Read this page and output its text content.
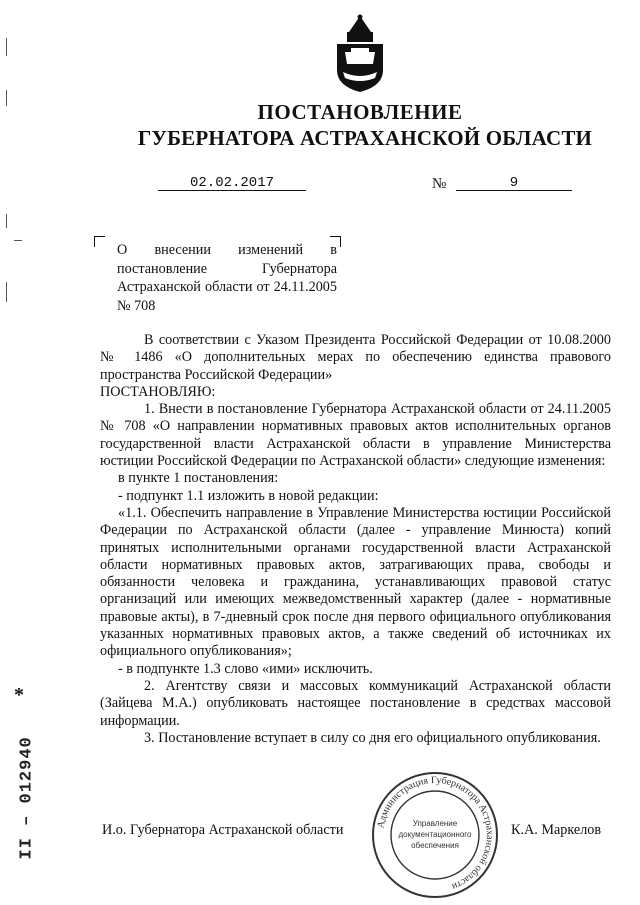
ПОСТАНОВЛЕНИЕ
ГУБЕРНАТОРА АСТРАХАНСКОЙ ОБЛАСТИ
02.02.2017	№	9
О внесении изменений в постановление Губернатора Астраханской области от 24.11.2005 № 708

В соответствии с Указом Президента Российской Федерации от 10.08.2000 № 1486 «О дополнительных мерах по обеспечению единства правового пространства Российской Федерации»

ПОСТАНОВЛЯЮ:

1. Внести в постановление Губернатора Астраханской области от 24.11.2005 № 708 «О направлении нормативных правовых актов исполнительных органов государственной власти Астраханской области в управление Министерства юстиции Российской Федерации по Астраханской области» следующие изменения:

в пункте 1 постановления:

- подпункт 1.1 изложить в новой редакции:

«1.1. Обеспечить направление в Управление Министерства юстиции Российской Федерации по Астраханской области (далее - управление Минюста) копий принятых исполнительными органами государственной власти Астраханской области нормативных правовых актов, затрагивающих права, свободы и обязанности человека и гражданина, устанавливающих правовой статус организаций или имеющих межведомственный характер (далее - нормативные правовые акты), в 7-дневный срок после дня первого официального опубликования указанных нормативных правовых актов, а также сведений об источниках их официального опубликования»;

- в подпункте 1.3 слово «ими» исключить.

2. Агентству связи и массовых коммуникаций Астраханской области (Зайцева М.А.) опубликовать настоящее постановление в средствах массовой информации.

3. Постановление вступает в силу со дня его официального опубликования.

И.о. Губернатора Астраханской области	К.А. Маркелов
Администрация Губернатора Астраханской области
Управление
документационного
обеспечения
*
II – 012940
